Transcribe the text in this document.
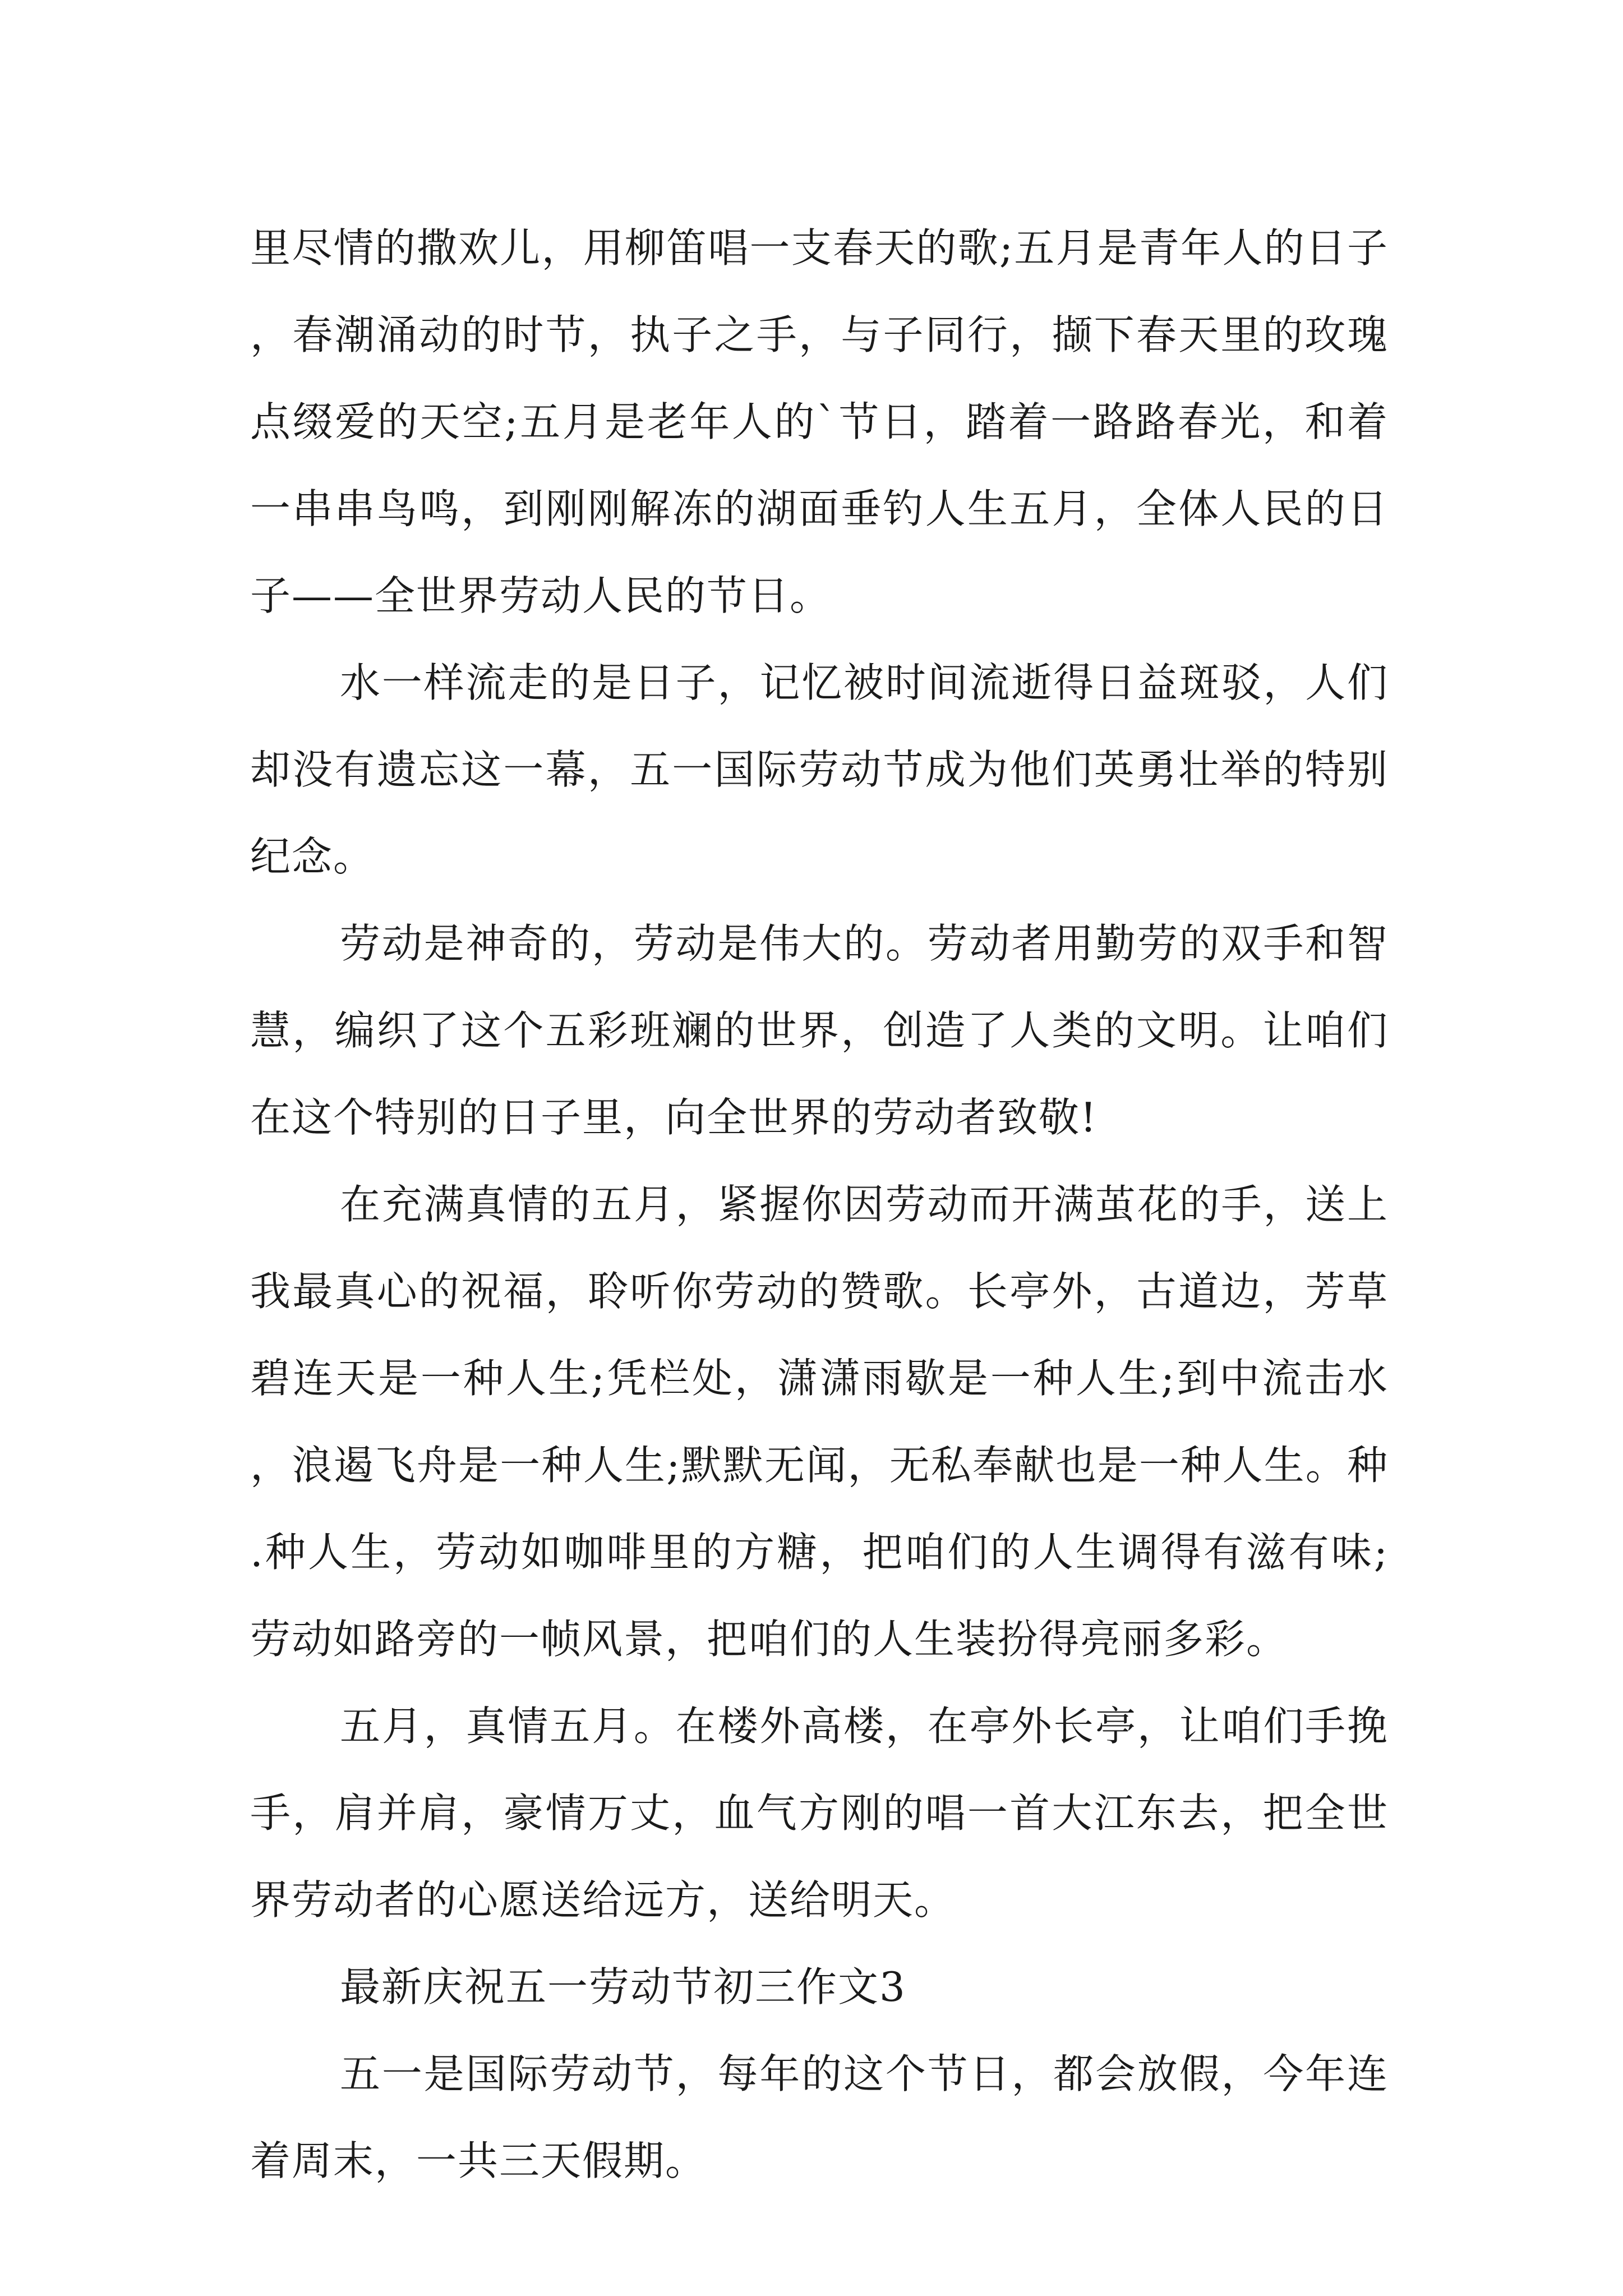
里尽情的撒欢儿，用柳笛唱一支春天的歌;五月是青年人的日子，春潮涌动的时节，执子之手，与子同行，撷下春天里的玫瑰点缀爱的天空;五月是老年人的`节日，踏着一路路春光，和着一串串鸟鸣，到刚刚解冻的湖面垂钓人生五月，全体人民的日子——全世界劳动人民的节日。

水一样流走的是日子，记忆被时间流逝得日益斑驳，人们却没有遗忘这一幕，五一国际劳动节成为他们英勇壮举的特别纪念。

劳动是神奇的，劳动是伟大的。劳动者用勤劳的双手和智慧，编织了这个五彩班斓的世界，创造了人类的文明。让咱们在这个特别的日子里，向全世界的劳动者致敬!

在充满真情的五月，紧握你因劳动而开满茧花的手，送上我最真心的祝福，聆听你劳动的赞歌。长亭外，古道边，芳草碧连天是一种人生;凭栏处，潇潇雨歇是一种人生;到中流击水，浪遏飞舟是一种人生;默默无闻，无私奉献也是一种人生。种.种人生，劳动如咖啡里的方糖，把咱们的人生调得有滋有味;劳动如路旁的一帧风景，把咱们的人生装扮得亮丽多彩。

五月，真情五月。在楼外高楼，在亭外长亭，让咱们手挽手，肩并肩，豪情万丈，血气方刚的唱一首大江东去，把全世界劳动者的心愿送给远方，送给明天。

最新庆祝五一劳动节初三作文3

五一是国际劳动节，每年的这个节日，都会放假，今年连着周末，一共三天假期。
